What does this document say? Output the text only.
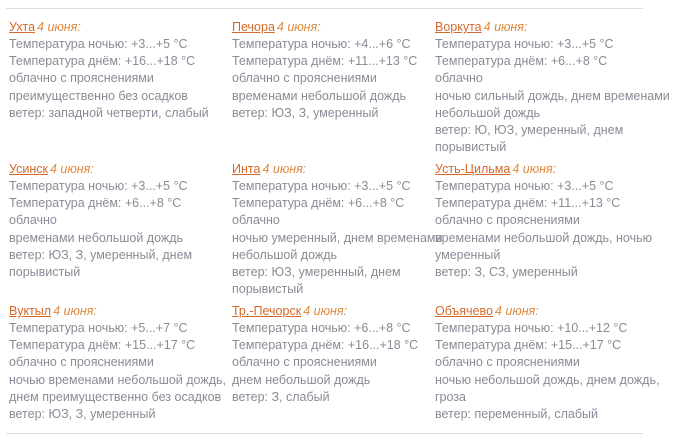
Ухта 4 июня:
Температура ночью: +3...+5 °C
Температура днём: +16...+18 °C
облачно с прояснениями
преимущественно без осадков
ветер: западной четверти, слабый
Печора 4 июня:
Температура ночью: +4...+6 °C
Температура днём: +11...+13 °C
облачно с прояснениями
временами небольшой дождь
ветер: ЮЗ, З, умеренный
Воркута 4 июня:
Температура ночью: +3...+5 °C
Температура днём: +6...+8 °C
облачно
ночью сильный дождь, днем временами
небольшой дождь
ветер: Ю, ЮЗ, умеренный, днем
порывистый
Усинск 4 июня:
Температура ночью: +3...+5 °C
Температура днём: +6...+8 °C
облачно
временами небольшой дождь
ветер: ЮЗ, З, умеренный, днем
порывистый
Инта 4 июня:
Температура ночью: +3...+5 °C
Температура днём: +6...+8 °C
облачно
ночью умеренный, днем временами
небольшой дождь
ветер: ЮЗ, умеренный, днем
порывистый
Усть-Цильма 4 июня:
Температура ночью: +3...+5 °C
Температура днём: +11...+13 °C
облачно с прояснениями
временами небольшой дождь, ночью
умеренный
ветер: З, СЗ, умеренный
Вуктыл 4 июня:
Температура ночью: +5...+7 °C
Температура днём: +15...+17 °C
облачно с прояснениями
ночью временами небольшой дождь,
днем преимущественно без осадков
ветер: ЮЗ, З, умеренный
Тр.-Печорск 4 июня:
Температура ночью: +6...+8 °C
Температура днём: +16...+18 °C
облачно с прояснениями
днем небольшой дождь
ветер: З, слабый
Объячево 4 июня:
Температура ночью: +10...+12 °C
Температура днём: +15...+17 °C
облачно с прояснениями
ночью небольшой дождь, днем дождь,
гроза
ветер: переменный, слабый
